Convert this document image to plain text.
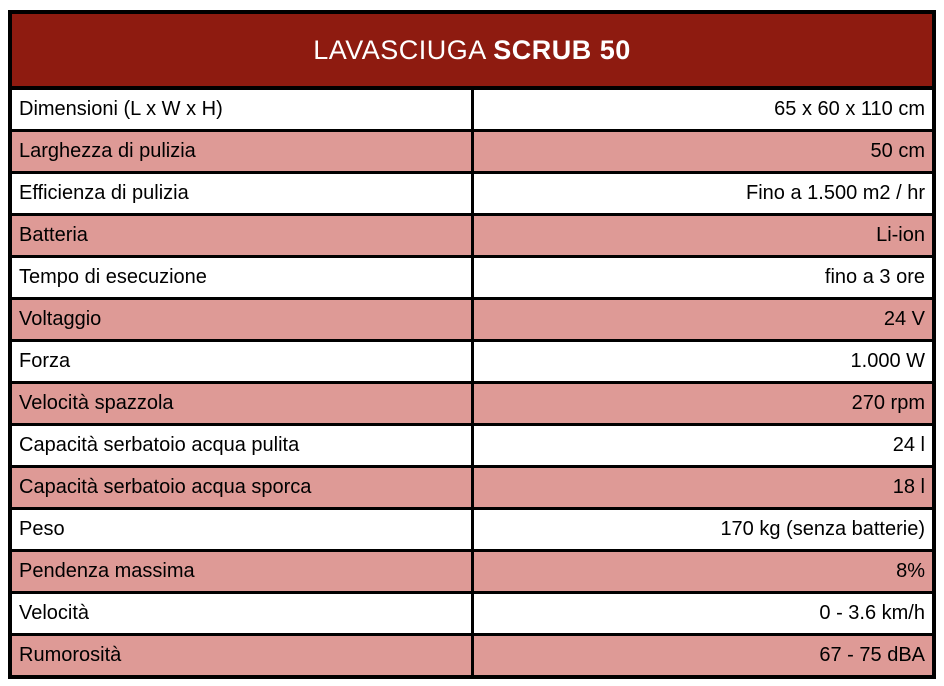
LAVASCIUGA SCRUB 50	
Dimensioni (L x W x H)	65 x 60 x 110 cm
Larghezza di pulizia	50 cm
Efficienza di pulizia	Fino a 1.500 m2 / hr
Batteria	Li-ion
Tempo di esecuzione	fino a 3 ore
Voltaggio	24 V
Forza	1.000 W
Velocità spazzola	270 rpm
Capacità serbatoio acqua pulita	24 l
Capacità serbatoio acqua sporca	18 l
Peso	170 kg (senza batterie)
Pendenza massima	8%
Velocità	0 - 3.6 km/h
Rumorosità	67 - 75 dBA
